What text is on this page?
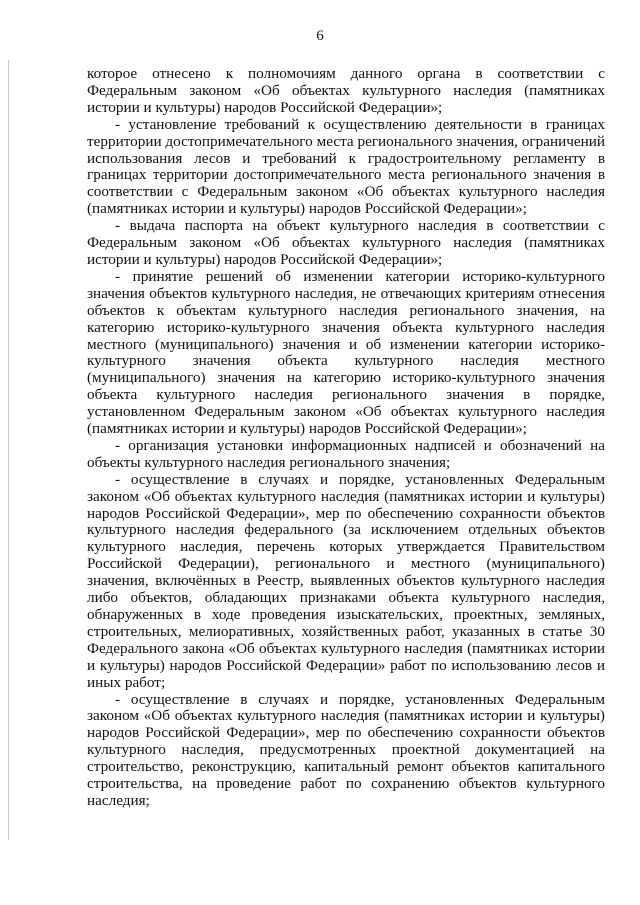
6

которое отнесено к полномочиям данного органа в соответствии с Федеральным законом «Об объектах культурного наследия (памятниках истории и культуры) народов Российской Федерации»;

- установление требований к осуществлению деятельности в границах территории достопримечательного места регионального значения, ограничений использования лесов и требований к градостроительному регламенту в границах территории достопримечательного места регионального значения в соответствии с Федеральным законом «Об объектах культурного наследия (памятниках истории и культуры) народов Российской Федерации»;

- выдача паспорта на объект культурного наследия в соответствии с Федеральным законом «Об объектах культурного наследия (памятниках истории и культуры) народов Российской Федерации»;

- принятие решений об изменении категории историко-культурного значения объектов культурного наследия, не отвечающих критериям отнесения объектов к объектам культурного наследия регионального значения, на категорию историко-культурного значения объекта культурного наследия местного (муниципального) значения и об изменении категории историко-культурного значения объекта культурного наследия местного (муниципального) значения на категорию историко-культурного значения объекта культурного наследия регионального значения в порядке, установленном Федеральным законом «Об объектах культурного наследия (памятниках истории и культуры) народов Российской Федерации»;

- организация установки информационных надписей и обозначений на объекты культурного наследия регионального значения;

- осуществление в случаях и порядке, установленных Федеральным законом «Об объектах культурного наследия (памятниках истории и культуры) народов Российской Федерации», мер по обеспечению сохранности объектов культурного наследия федерального (за исключением отдельных объектов культурного наследия, перечень которых утверждается Правительством Российской Федерации), регионального и местного (муниципального) значения, включённых в Реестр, выявленных объектов культурного наследия либо объектов, обладающих признаками объекта культурного наследия, обнаруженных в ходе проведения изыскательских, проектных, земляных, строительных, мелиоративных, хозяйственных работ, указанных в статье 30 Федерального закона «Об объектах культурного наследия (памятниках истории и культуры) народов Российской Федерации» работ по использованию лесов и иных работ;

- осуществление в случаях и порядке, установленных Федеральным законом «Об объектах культурного наследия (памятниках истории и культуры) народов Российской Федерации», мер по обеспечению сохранности объектов культурного наследия, предусмотренных проектной документацией на строительство, реконструкцию, капитальный ремонт объектов капитального строительства, на проведение работ по сохранению объектов культурного наследия;
